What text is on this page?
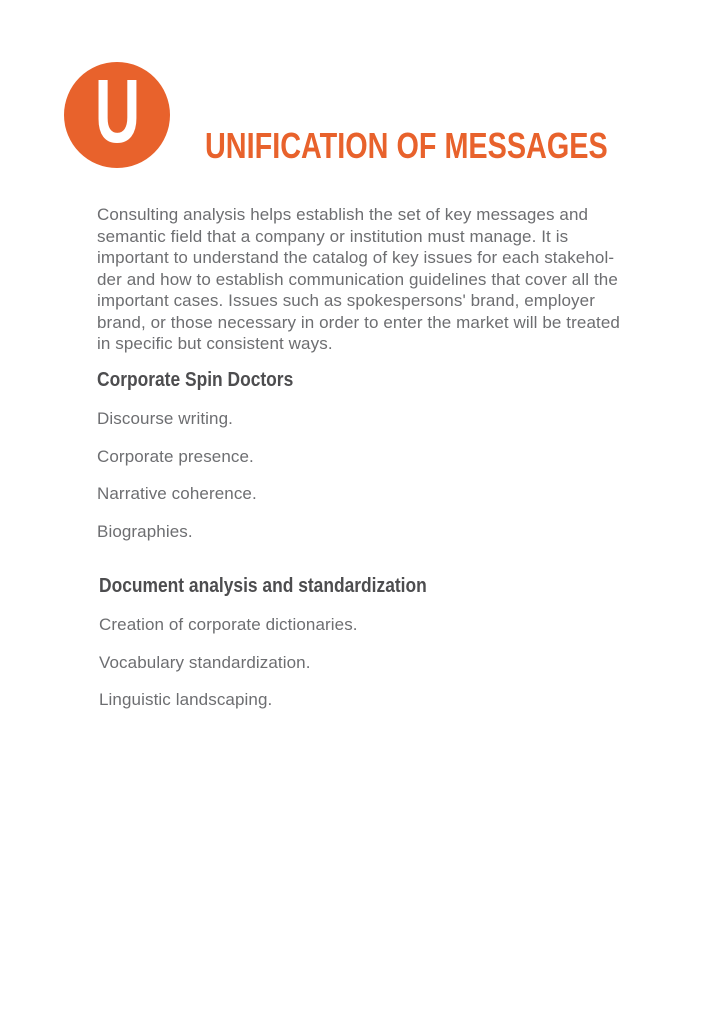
U UNIFICATION OF MESSAGES
Consulting analysis helps establish the set of key messages and
semantic field that a company or institution must manage. It is
important to understand the catalog of key issues for each stakehol-
der and how to establish communication guidelines that cover all the
important cases. Issues such as spokespersons' brand, employer
brand, or those necessary in order to enter the market will be treated
in specific but consistent ways.
Corporate Spin Doctors
Discourse writing.
Corporate presence.
Narrative coherence.
Biographies.
Document analysis and standardization
Creation of corporate dictionaries.
Vocabulary standardization.
Linguistic landscaping.
